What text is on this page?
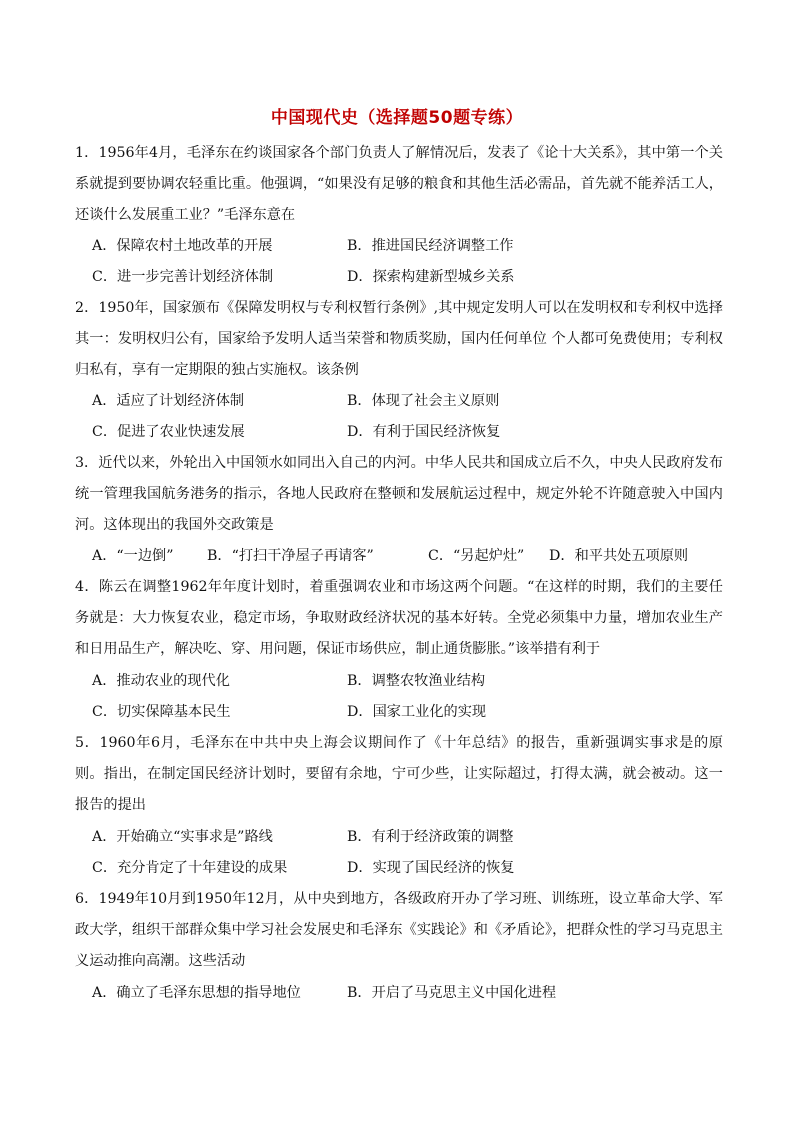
中国现代史（选择题50题专练）
1．1956年4月，毛泽东在约谈国家各个部门负责人了解情况后，发表了《论十大关系》，其中第一个关系就提到要协调农轻重比重。他强调，“如果没有足够的粮食和其他生活必需品，首先就不能养活工人，还谈什么发展重工业？”毛泽东意在
A．保障农村土地改革的开展	B．推进国民经济调整工作
C．进一步完善计划经济体制	D．探索构建新型城乡关系
2．1950年，国家颁布《保障发明权与专利权暂行条例》,其中规定发明人可以在发明权和专利权中选择其一：发明权归公有，国家给予发明人适当荣誉和物质奖励，国内任何单位 个人都可免费使用；专利权归私有，享有一定期限的独占实施权。该条例
A．适应了计划经济体制	B．体现了社会主义原则
C．促进了农业快速发展	D．有利于国民经济恢复
3．近代以来，外轮出入中国领水如同出入自己的内河。中华人民共和国成立后不久，中央人民政府发布统一管理我国航务港务的指示，各地人民政府在整顿和发展航运过程中，规定外轮不许随意驶入中国内河。这体现出的我国外交政策是
A．“一边倒” B．“打扫干净屋子再请客”	C．“另起炉灶” D．和平共处五项原则
4．陈云在调整1962年年度计划时，着重强调农业和市场这两个问题。“在这样的时期，我们的主要任务就是：大力恢复农业，稳定市场，争取财政经济状况的基本好转。全党必须集中力量，增加农业生产和日用品生产，解决吃、穿、用问题，保证市场供应，制止通货膨胀。”该举措有利于
A．推动农业的现代化	B．调整农牧渔业结构
C．切实保障基本民生	D．国家工业化的实现
5．1960年6月，毛泽东在中共中央上海会议期间作了《十年总结》的报告，重新强调实事求是的原则。指出，在制定国民经济计划时，要留有余地，宁可少些，让实际超过，打得太满，就会被动。这一报告的提出
A．开始确立“实事求是”路线	B．有利于经济政策的调整
C．充分肯定了十年建设的成果	D．实现了国民经济的恢复
6．1949年10月到1950年12月，从中央到地方，各级政府开办了学习班、训练班，设立革命大学、军政大学，组织干部群众集中学习社会发展史和毛泽东《实践论》和《矛盾论》，把群众性的学习马克思主义运动推向高潮。这些活动
A．确立了毛泽东思想的指导地位	B．开启了马克思主义中国化进程
